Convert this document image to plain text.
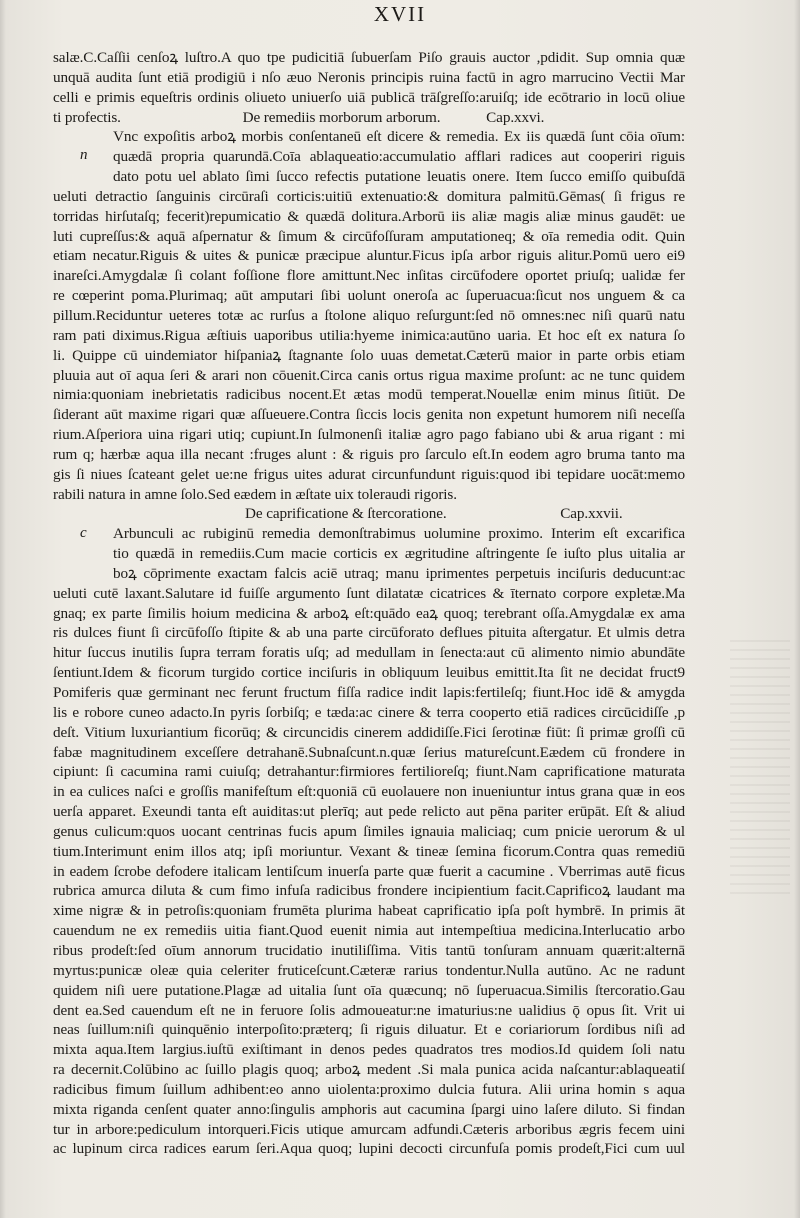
XVII
n
c
salæ.C.Caſſii cenſoꝝ luſtro.A quo tpe pudicitiā ſubuerſam Piſo grauis auctor ,pdidit. Sup omnia quæ
unquā audita ſunt etiā prodigiū i nſo æuo Neronis principis ruina factū in agro marrucino Vectii Mar
celli e primis equeſtris ordinis oliueto uniuerſo uiā publicā trāſgreſſo:aruiſq; ide ecōtrario in locū oliue
ti profectis.	De remediis morborum arborum.	Cap.xxvi.
Vnc expoſitis arboꝝ morbis conſentaneū eſt dicere & remedia. Ex iis quædā ſunt cōia oīum:
quædā propria quarundā.Coīa ablaqueatio:accumulatio afflari radices aut cooperiri riguis
dato potu uel ablato ſimi ſucco refectis putatione leuatis onere. Item ſucco emiſſo quibuſdā
ueluti detractio ſanguinis circūraſi corticis:uitiū extenuatio:& domitura palmitū.Gēmas( ſi frigus re
torridas hirſutaſq; fecerit)repumicatio & quædā dolitura.Arborū iis aliæ magis aliæ minus gaudēt: ue
luti cupreſſus:& aquā aſpernatur & ſimum & circūfoſſuram amputationeq; & oīa remedia odit. Quin
etiam necatur.Riguis & uites & punicæ præcipue aluntur.Ficus ipſa arbor riguis alitur.Pomū uero ei9
inareſci.Amygdalæ ſi colant foſſione flore amittunt.Nec inſitas circūfodere oportet priuſq; ualidæ fer
re cœperint poma.Plurimaq; aūt amputari ſibi uolunt oneroſa ac ſuperuacua:ſicut nos unguem & ca
pillum.Reciduntur ueteres totæ ac rurſus a ſtolone aliquo reſurgunt:ſed nō omnes:nec niſi quarū natu
ram pati diximus.Rigua æſtiuis uaporibus utilia:hyeme inimica:autūno uaria. Et hoc eſt ex natura ſo
li. Quippe cū uindemiator hiſpaniaꝝ ſtagnante ſolo uuas demetat.Cæterū maior in parte orbis etiam
pluuia aut oī aqua ſeri & arari non cōuenit.Circa canis ortus rigua maxime proſunt: ac ne tunc quidem
nimia:quoniam inebrietatis radicibus nocent.Et ætas modū temperat.Nouellæ enim minus ſitiūt. De
ſiderant aūt maxime rigari quæ aſſueuere.Contra ſiccis locis genita non expetunt humorem niſi neceſſa
rium.Aſperiora uina rigari utiq; cupiunt.In ſulmonenſi italiæ agro pago fabiano ubi & arua rigant : mi
rum q; hærbæ aqua illa necant :fruges alunt : & riguis pro ſarculo eſt.In eodem agro bruma tanto ma
gis ſi niues ſcateant gelet ue:ne frigus uites adurat circunfundunt riguis:quod ibi tepidare uocāt:memo
rabili natura in amne ſolo.Sed eædem in æſtate uix toleraudi rigoris.
De caprificatione & ſtercoratione.	Cap.xxvii.
Arbunculi ac rubiginū remedia demonſtrabimus uolumine proximo. Interim eſt excarifica
tio quædā in remediis.Cum macie corticis ex ægritudine aſtringente ſe iuſto plus uitalia ar
boꝝ cōprimente exactam falcis aciē utraq; manu iprimentes perpetuis inciſuris deducunt:ac
ueluti cutē laxant.Salutare id fuiſſe argumento ſunt dilatatæ cicatrices & īternato corpore expletæ.Ma
gnaq; ex parte ſimilis hoium medicina & arboꝝ eſt:quādo eaꝝ quoq; terebrant oſſa.Amygdalæ ex ama
ris dulces fiunt ſi circūfoſſo ſtipite & ab una parte circūforato deflues pituita aſtergatur. Et ulmis detra
hitur ſuccus inutilis ſupra terram foratis uſq; ad medullam in ſenecta:aut cū alimento nimio abundāte
ſentiunt.Idem & ficorum turgido cortice inciſuris in obliquum leuibus emittit.Ita ſit ne decidat fruct9
Pomiferis quæ germinant nec ferunt fructum fiſſa radice indit lapis:fertileſq; fiunt.Hoc idē & amygda
lis e robore cuneo adacto.In pyris ſorbiſq; e tæda:ac cinere & terra cooperto etiā radices circūcidiſſe ,p
deſt. Vitium luxuriantium ficorūq; & circuncidis cinerem addidiſſe.Fici ſerotinæ fiūt: ſi primæ groſſi cū
fabæ magnitudinem exceſſere detrahanē.Subnaſcunt.n.quæ ſerius matureſcunt.Eædem cū frondere in
cipiunt: ſi cacumina rami cuiuſq; detrahantur:firmiores fertilioreſq; fiunt.Nam caprificatione maturata
in ea culices naſci e groſſis manifeſtum eſt:quoniā cū euolauere non inueniuntur intus grana quæ in eos
uerſa apparet. Exeundi tanta eſt auiditas:ut plerīq; aut pede relicto aut pēna pariter erūpāt. Eſt & aliud
genus culicum:quos uocant centrinas fucis apum ſimiles ignauia maliciaq; cum pnicie uerorum & ul
tium.Interimunt enim illos atq; ipſi moriuntur. Vexant & tineæ ſemina ficorum.Contra quas remediū
in eadem ſcrobe defodere italicam lentiſcum inuerſa parte quæ fuerit a cacumine . Vberrimas autē ficus
rubrica amurca diluta & cum fimo infuſa radicibus frondere incipientium facit.Caprificoꝝ laudant ma
xime nigræ & in petroſis:quoniam frumēta plurima habeat caprificatio ipſa poſt hymbrē. In primis āt
cauendum ne ex remediis uitia fiant.Quod euenit nimia aut intempeſtiua medicina.Interlucatio arbo
ribus prodeſt:ſed oīum annorum trucidatio inutiliſſima. Vitis tantū tonſuram annuam quærit:alternā
myrtus:punicæ oleæ quia celeriter fruticeſcunt.Cæteræ rarius tondentur.Nulla autūno. Ac ne radunt
quidem niſi uere putatione.Plagæ ad uitalia ſunt oīa quæcunq; nō ſuperuacua.Similis ſtercoratio.Gau
dent ea.Sed cauendum eſt ne in feruore ſolis admoueatur:ne imaturius:ne ualidius ǭ opus ſit. Vrit ui
neas ſuillum:niſi quinquēnio interpoſito:præterq; ſi riguis diluatur. Et e coriariorum ſordibus niſi ad
mixta aqua.Item largius.iuſtū exiſtimant in denos pedes quadratos tres modios.Id quidem ſoli natu
ra decernit.Colūbino ac ſuillo plagis quoq; arboꝝ medent .Si mala punica acida naſcantur:ablaqueatiſ
radicibus fimum ſuillum adhibent:eo anno uiolenta:proximo dulcia futura. Alii urina homin s aqua
mixta riganda cenſent quater anno:ſingulis amphoris aut cacumina ſpargi uino laſere diluto. Si findan
tur in arbore:pediculum intorqueri.Ficis utique amurcam adfundi.Cæteris arboribus ægris fecem uini
ac lupinum circa radices earum ſeri.Aqua quoq; lupini decocti circunfuſa pomis prodeſt,Fici cum uul
